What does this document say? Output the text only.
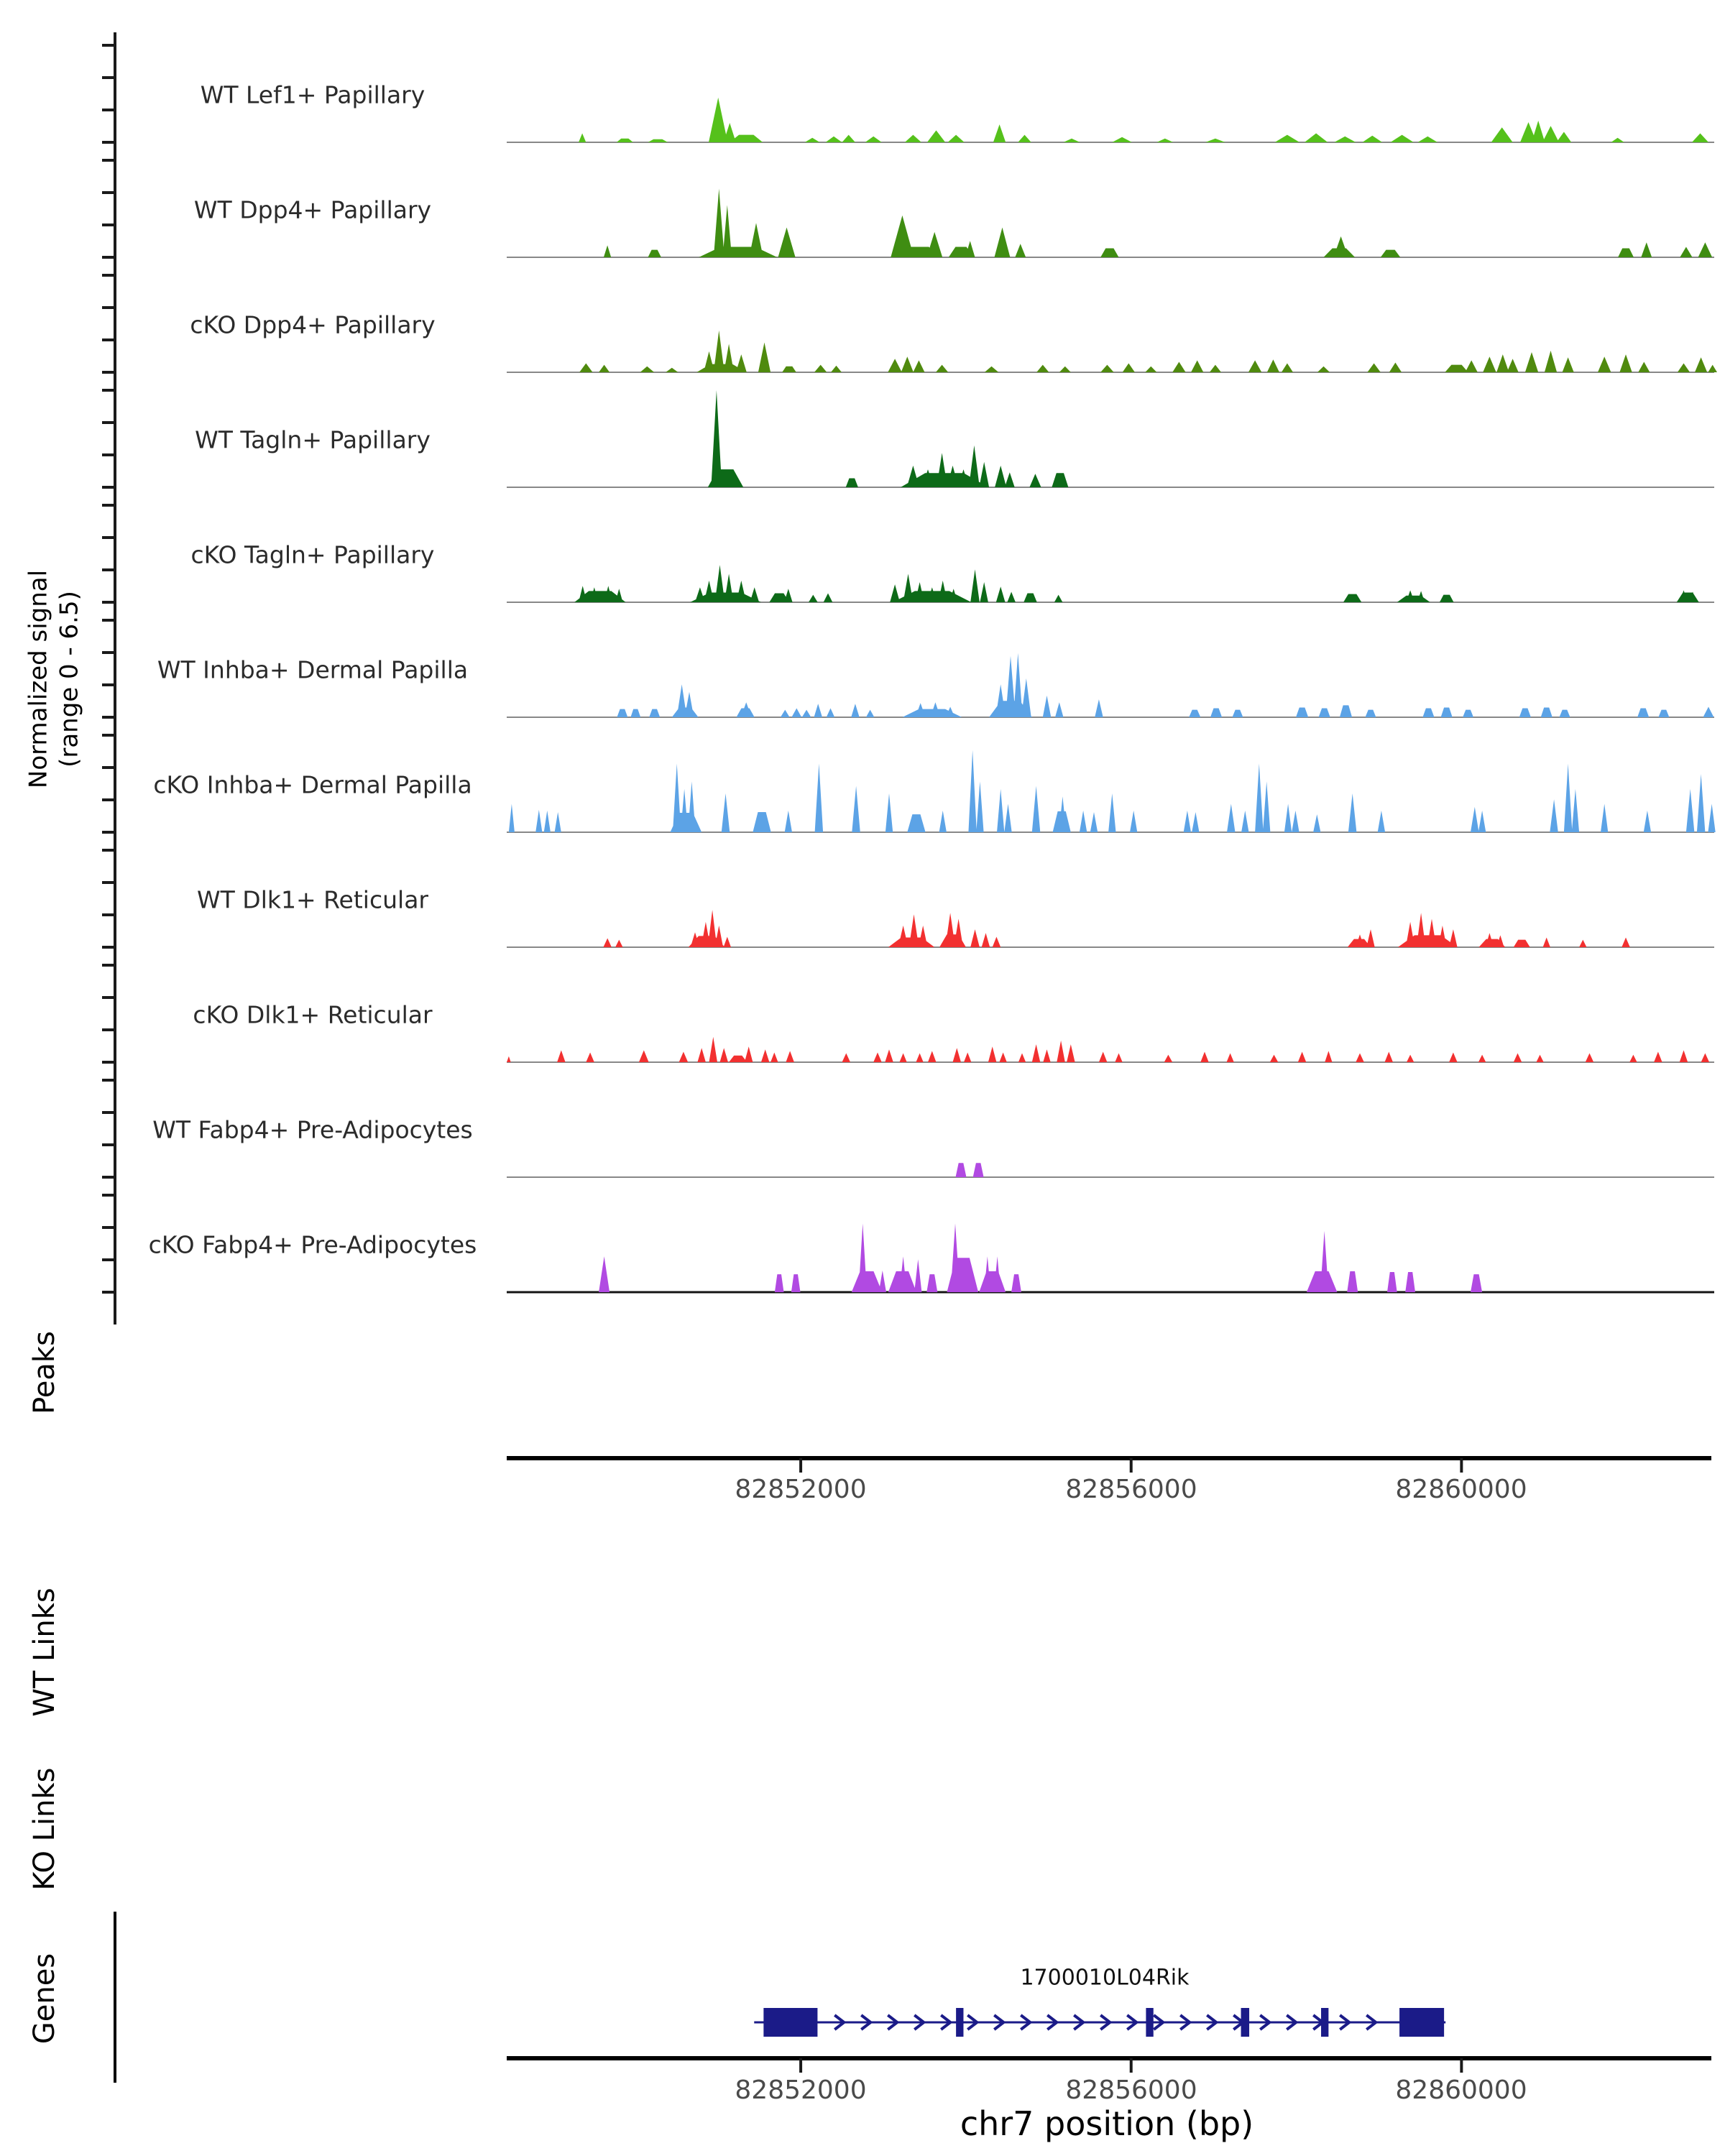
Normalized signal (range 0 - 6.5)
WT Lef1+ Papillary
WT Dpp4+ Papillary
cKO Dpp4+ Papillary
WT Tagln+ Papillary
cKO Tagln+ Papillary
WT Inhba+ Dermal Papilla
cKO Inhba+ Dermal Papilla
WT Dlk1+ Reticular
cKO Dlk1+ Reticular
WT Fabp4+ Pre-Adipocytes
cKO Fabp4+ Pre-Adipocytes
Peaks
WT Links
KO Links
Genes
82852000	82856000	82860000
1700010L04Rik
82852000	82856000	82860000
chr7 position (bp)
